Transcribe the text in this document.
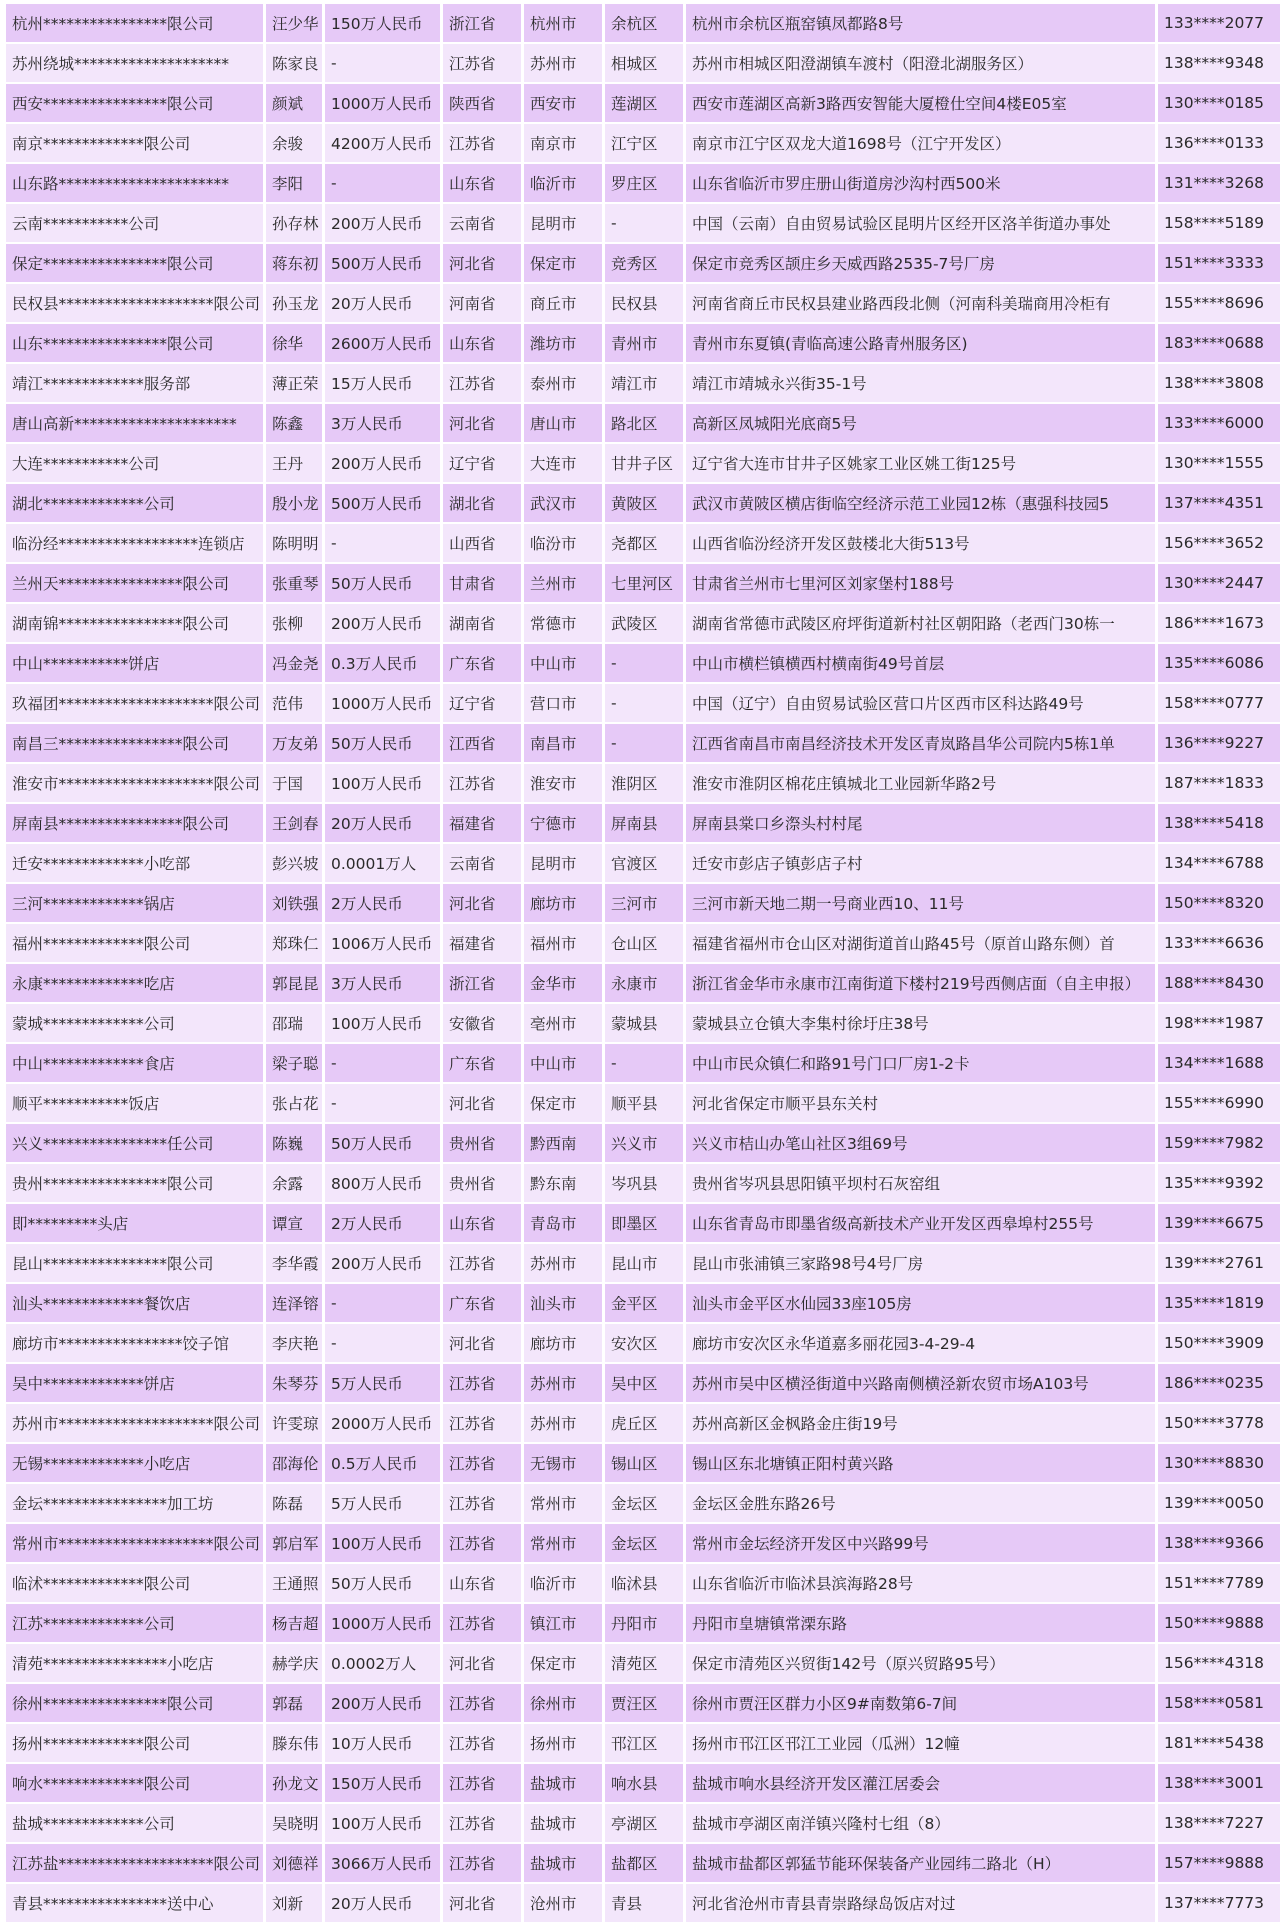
杭州****************限公司	汪少华	150万人民币	浙江省	杭州市	余杭区	杭州市余杭区瓶窑镇凤都路8号	133****2077
苏州绕城********************	陈家良	-	江苏省	苏州市	相城区	苏州市相城区阳澄湖镇车渡村（阳澄北湖服务区）	138****9348
西安****************限公司	颜斌	1000万人民币	陕西省	西安市	莲湖区	西安市莲湖区高新3路西安智能大厦橙仕空间4楼E05室	130****0185
南京*************限公司	余骏	4200万人民币	江苏省	南京市	江宁区	南京市江宁区双龙大道1698号（江宁开发区）	136****0133
山东路**********************	李阳	-	山东省	临沂市	罗庄区	山东省临沂市罗庄册山街道房沙沟村西500米	131****3268
云南***********公司	孙存林	200万人民币	云南省	昆明市	-	中国（云南）自由贸易试验区昆明片区经开区洛羊街道办事处	158****5189
保定****************限公司	蒋东初	500万人民币	河北省	保定市	竞秀区	保定市竞秀区颉庄乡天威西路2535-7号厂房	151****3333
民权县********************限公司	孙玉龙	20万人民币	河南省	商丘市	民权县	河南省商丘市民权县建业路西段北侧（河南科美瑞商用冷柜有	155****8696
山东****************限公司	徐华	2600万人民币	山东省	潍坊市	青州市	青州市东夏镇(青临高速公路青州服务区)	183****0688
靖江*************服务部	薄正荣	15万人民币	江苏省	泰州市	靖江市	靖江市靖城永兴街35-1号	138****3808
唐山高新*********************	陈鑫	3万人民币	河北省	唐山市	路北区	高新区凤城阳光底商5号	133****6000
大连***********公司	王丹	200万人民币	辽宁省	大连市	甘井子区	辽宁省大连市甘井子区姚家工业区姚工街125号	130****1555
湖北*************公司	殷小龙	500万人民币	湖北省	武汉市	黄陂区	武汉市黄陂区横店街临空经济示范工业园12栋（惠强科技园5	137****4351
临汾经******************连锁店	陈明明	-	山西省	临汾市	尧都区	山西省临汾经济开发区鼓楼北大街513号	156****3652
兰州天****************限公司	张重琴	50万人民币	甘肃省	兰州市	七里河区	甘肃省兰州市七里河区刘家堡村188号	130****2447
湖南锦****************限公司	张柳	200万人民币	湖南省	常德市	武陵区	湖南省常德市武陵区府坪街道新村社区朝阳路（老西门30栋一	186****1673
中山***********饼店	冯金尧	0.3万人民币	广东省	中山市	-	中山市横栏镇横西村横南街49号首层	135****6086
玖福团********************限公司	范伟	1000万人民币	辽宁省	营口市	-	中国（辽宁）自由贸易试验区营口片区西市区科达路49号	158****0777
南昌三****************限公司	万友弟	50万人民币	江西省	南昌市	-	江西省南昌市南昌经济技术开发区青岚路昌华公司院内5栋1单	136****9227
淮安市********************限公司	于国	100万人民币	江苏省	淮安市	淮阴区	淮安市淮阴区棉花庄镇城北工业园新华路2号	187****1833
屏南县****************限公司	王剑春	20万人民币	福建省	宁德市	屏南县	屏南县棠口乡漈头村村尾	138****5418
迁安*************小吃部	彭兴坡	0.0001万人	云南省	昆明市	官渡区	迁安市彭店子镇彭店子村	134****6788
三河*************锅店	刘铁强	2万人民币	河北省	廊坊市	三河市	三河市新天地二期一号商业西10、11号	150****8320
福州*************限公司	郑珠仁	1006万人民币	福建省	福州市	仓山区	福建省福州市仓山区对湖街道首山路45号（原首山路东侧）首	133****6636
永康*************吃店	郭昆昆	3万人民币	浙江省	金华市	永康市	浙江省金华市永康市江南街道下楼村219号西侧店面（自主申报）	188****8430
蒙城*************公司	邵瑞	100万人民币	安徽省	亳州市	蒙城县	蒙城县立仓镇大李集村徐圩庄38号	198****1987
中山*************食店	梁子聪	-	广东省	中山市	-	中山市民众镇仁和路91号门口厂房1-2卡	134****1688
顺平***********饭店	张占花	-	河北省	保定市	顺平县	河北省保定市顺平县东关村	155****6990
兴义****************任公司	陈巍	50万人民币	贵州省	黔西南	兴义市	兴义市桔山办笔山社区3组69号	159****7982
贵州****************限公司	余露	800万人民币	贵州省	黔东南	岑巩县	贵州省岑巩县思阳镇平坝村石灰窑组	135****9392
即*********头店	谭宣	2万人民币	山东省	青岛市	即墨区	山东省青岛市即墨省级高新技术产业开发区西皋埠村255号	139****6675
昆山****************限公司	李华霞	200万人民币	江苏省	苏州市	昆山市	昆山市张浦镇三家路98号4号厂房	139****2761
汕头*************餐饮店	连泽镕	-	广东省	汕头市	金平区	汕头市金平区水仙园33座105房	135****1819
廊坊市****************饺子馆	李庆艳	-	河北省	廊坊市	安次区	廊坊市安次区永华道嘉多丽花园3-4-29-4	150****3909
吴中*************饼店	朱琴芬	5万人民币	江苏省	苏州市	吴中区	苏州市吴中区横泾街道中兴路南侧横泾新农贸市场A103号	186****0235
苏州市********************限公司	许雯琼	2000万人民币	江苏省	苏州市	虎丘区	苏州高新区金枫路金庄街19号	150****3778
无锡*************小吃店	邵海伦	0.5万人民币	江苏省	无锡市	锡山区	锡山区东北塘镇正阳村黄兴路	130****8830
金坛****************加工坊	陈磊	5万人民币	江苏省	常州市	金坛区	金坛区金胜东路26号	139****0050
常州市********************限公司	郭启军	100万人民币	江苏省	常州市	金坛区	常州市金坛经济开发区中兴路99号	138****9366
临沭*************限公司	王通照	50万人民币	山东省	临沂市	临沭县	山东省临沂市临沭县滨海路28号	151****7789
江苏*************公司	杨吉超	1000万人民币	江苏省	镇江市	丹阳市	丹阳市皇塘镇常溧东路	150****9888
清苑****************小吃店	赫学庆	0.0002万人	河北省	保定市	清苑区	保定市清苑区兴贸街142号（原兴贸路95号）	156****4318
徐州****************限公司	郭磊	200万人民币	江苏省	徐州市	贾汪区	徐州市贾汪区群力小区9#南数第6-7间	158****0581
扬州*************限公司	滕东伟	10万人民币	江苏省	扬州市	邗江区	扬州市邗江区邗江工业园（瓜洲）12幢	181****5438
响水*************限公司	孙龙文	150万人民币	江苏省	盐城市	响水县	盐城市响水县经济开发区灌江居委会	138****3001
盐城*************公司	吴晓明	100万人民币	江苏省	盐城市	亭湖区	盐城市亭湖区南洋镇兴隆村七组（8）	138****7227
江苏盐********************限公司	刘德祥	3066万人民币	江苏省	盐城市	盐都区	盐城市盐都区郭猛节能环保装备产业园纬二路北（H）	157****9888
青县****************送中心	刘新	20万人民币	河北省	沧州市	青县	河北省沧州市青县青崇路绿岛饭店对过	137****7773
